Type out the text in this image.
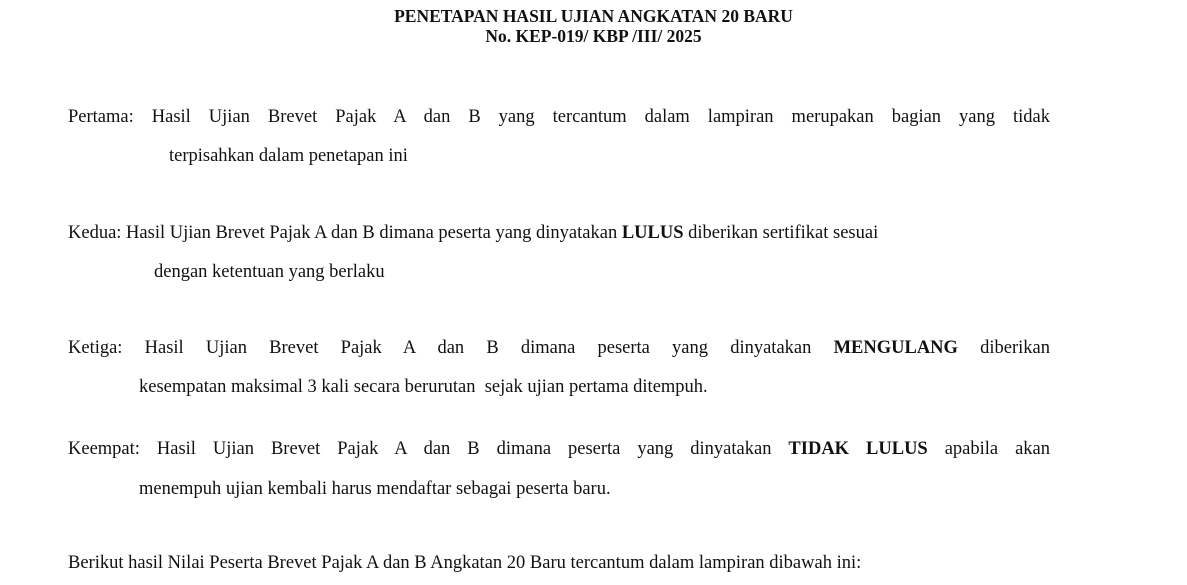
PENETAPAN HASIL UJIAN ANGKATAN 20 BARU
No. KEP-019/ KBP /III/ 2025
Pertama: Hasil Ujian Brevet Pajak A dan B yang tercantum dalam lampiran merupakan bagian yang tidak
terpisahkan dalam penetapan ini
Kedua: Hasil Ujian Brevet Pajak A dan B dimana peserta yang dinyatakan LULUS diberikan sertifikat sesuai
dengan ketentuan yang berlaku
Ketiga: Hasil Ujian Brevet Pajak A dan B dimana peserta yang dinyatakan MENGULANG diberikan
kesempatan maksimal 3 kali secara berurutan  sejak ujian pertama ditempuh.
Keempat: Hasil Ujian Brevet Pajak A dan B dimana peserta yang dinyatakan TIDAK LULUS apabila akan
menempuh ujian kembali harus mendaftar sebagai peserta baru.
Berikut hasil Nilai Peserta Brevet Pajak A dan B Angkatan 20 Baru tercantum dalam lampiran dibawah ini:
